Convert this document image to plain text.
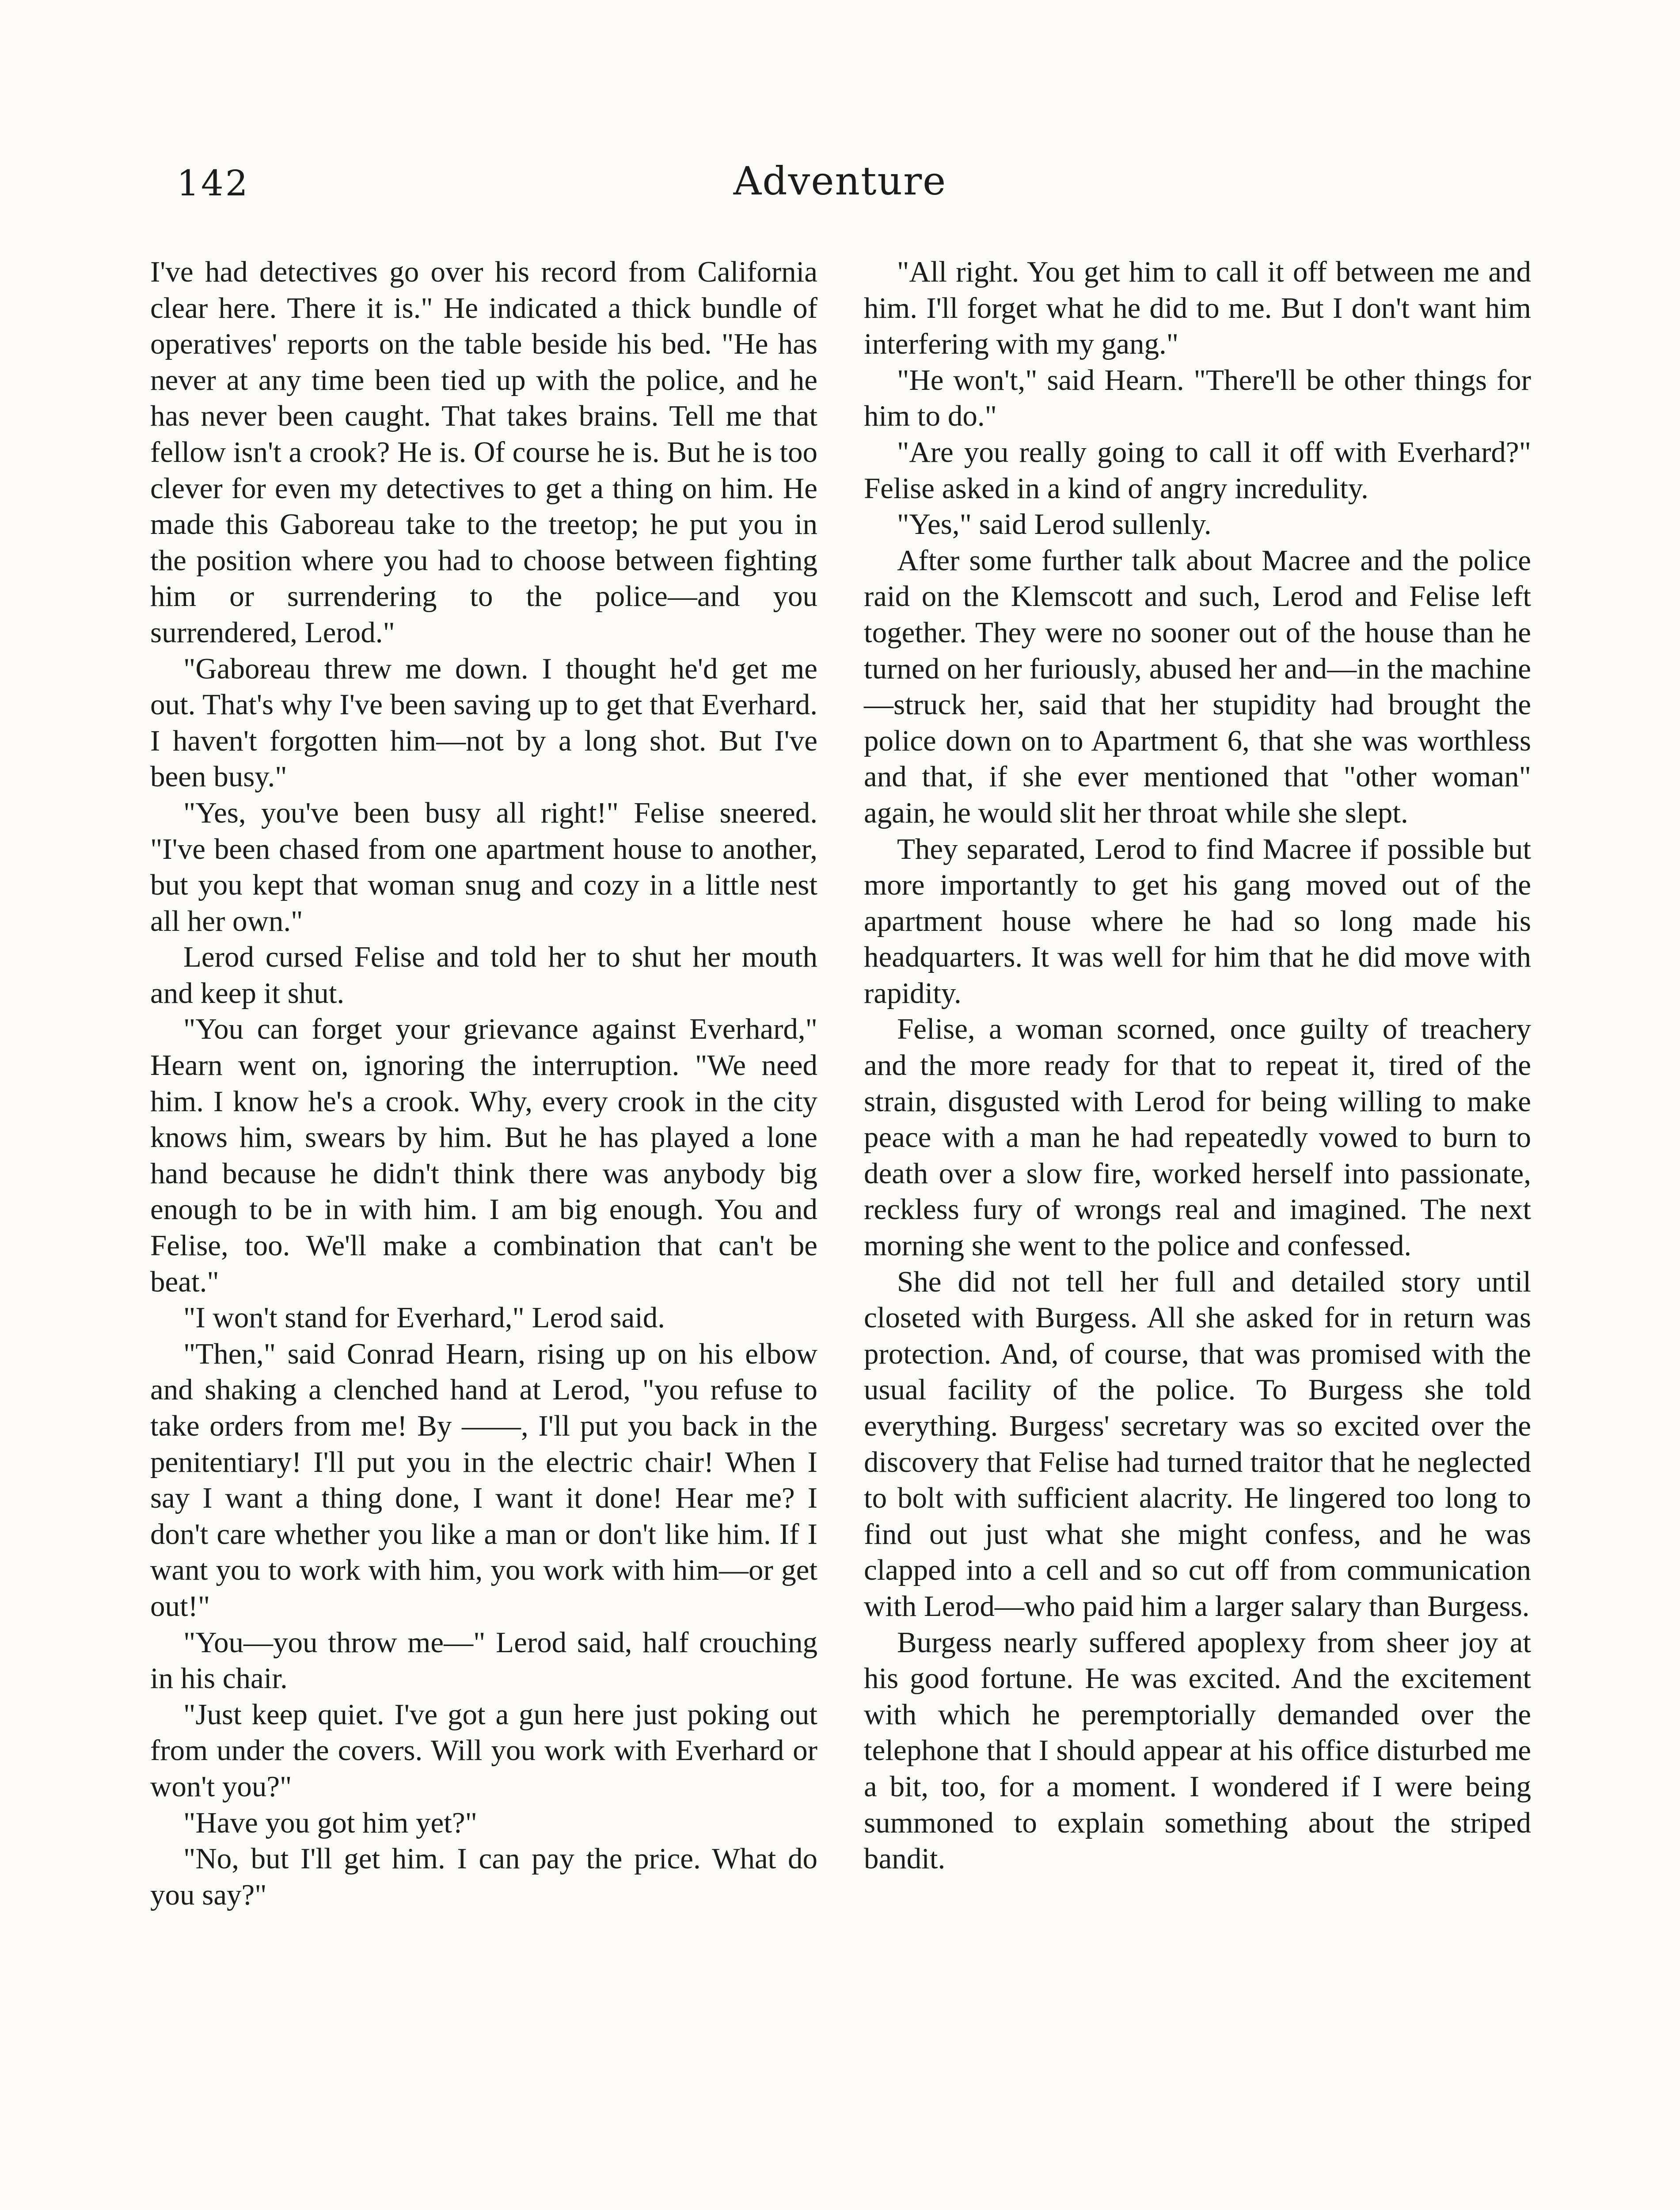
142	Adventure

I've had detectives go over his record from California clear here. There it is." He indicated a thick bundle of operatives' reports on the table beside his bed. "He has never at any time been tied up with the police, and he has never been caught. That takes brains. Tell me that fellow isn't a crook? He is. Of course he is. But he is too clever for even my detectives to get a thing on him. He made this Gaboreau take to the treetop; he put you in the position where you had to choose between fighting him or surrendering to the police—and you surrendered, Lerod."

"Gaboreau threw me down. I thought he'd get me out. That's why I've been saving up to get that Everhard. I haven't forgotten him—not by a long shot. But I've been busy."

"Yes, you've been busy all right!" Felise sneered. "I've been chased from one apartment house to another, but you kept that woman snug and cozy in a little nest all her own."

Lerod cursed Felise and told her to shut her mouth and keep it shut.

"You can forget your grievance against Everhard," Hearn went on, ignoring the interruption. "We need him. I know he's a crook. Why, every crook in the city knows him, swears by him. But he has played a lone hand because he didn't think there was anybody big enough to be in with him. I am big enough. You and Felise, too. We'll make a combination that can't be beat."

"I won't stand for Everhard," Lerod said.

"Then," said Conrad Hearn, rising up on his elbow and shaking a clenched hand at Lerod, "you refuse to take orders from me! By ——, I'll put you back in the penitentiary! I'll put you in the electric chair! When I say I want a thing done, I want it done! Hear me? I don't care whether you like a man or don't like him. If I want you to work with him, you work with him—or get out!"

"You—you throw me—" Lerod said, half crouching in his chair.

"Just keep quiet. I've got a gun here just poking out from under the covers. Will you work with Everhard or won't you?"

"Have you got him yet?"

"No, but I'll get him. I can pay the price. What do you say?"

"All right. You get him to call it off between me and him. I'll forget what he did to me. But I don't want him interfering with my gang."

"He won't," said Hearn. "There'll be other things for him to do."

"Are you really going to call it off with Everhard?" Felise asked in a kind of angry incredulity.

"Yes," said Lerod sullenly.

After some further talk about Macree and the police raid on the Klemscott and such, Lerod and Felise left together. They were no sooner out of the house than he turned on her furiously, abused her and—in the machine—struck her, said that her stupidity had brought the police down on to Apartment 6, that she was worthless and that, if she ever mentioned that "other woman" again, he would slit her throat while she slept.

They separated, Lerod to find Macree if possible but more importantly to get his gang moved out of the apartment house where he had so long made his headquarters. It was well for him that he did move with rapidity.

Felise, a woman scorned, once guilty of treachery and the more ready for that to repeat it, tired of the strain, disgusted with Lerod for being willing to make peace with a man he had repeatedly vowed to burn to death over a slow fire, worked herself into passionate, reckless fury of wrongs real and imagined. The next morning she went to the police and confessed.

She did not tell her full and detailed story until closeted with Burgess. All she asked for in return was protection. And, of course, that was promised with the usual facility of the police. To Burgess she told everything. Burgess' secretary was so excited over the discovery that Felise had turned traitor that he neglected to bolt with sufficient alacrity. He lingered too long to find out just what she might confess, and he was clapped into a cell and so cut off from communication with Lerod—who paid him a larger salary than Burgess.

Burgess nearly suffered apoplexy from sheer joy at his good fortune. He was excited. And the excitement with which he peremptorially demanded over the telephone that I should appear at his office disturbed me a bit, too, for a moment. I wondered if I were being summoned to explain something about the striped bandit.
